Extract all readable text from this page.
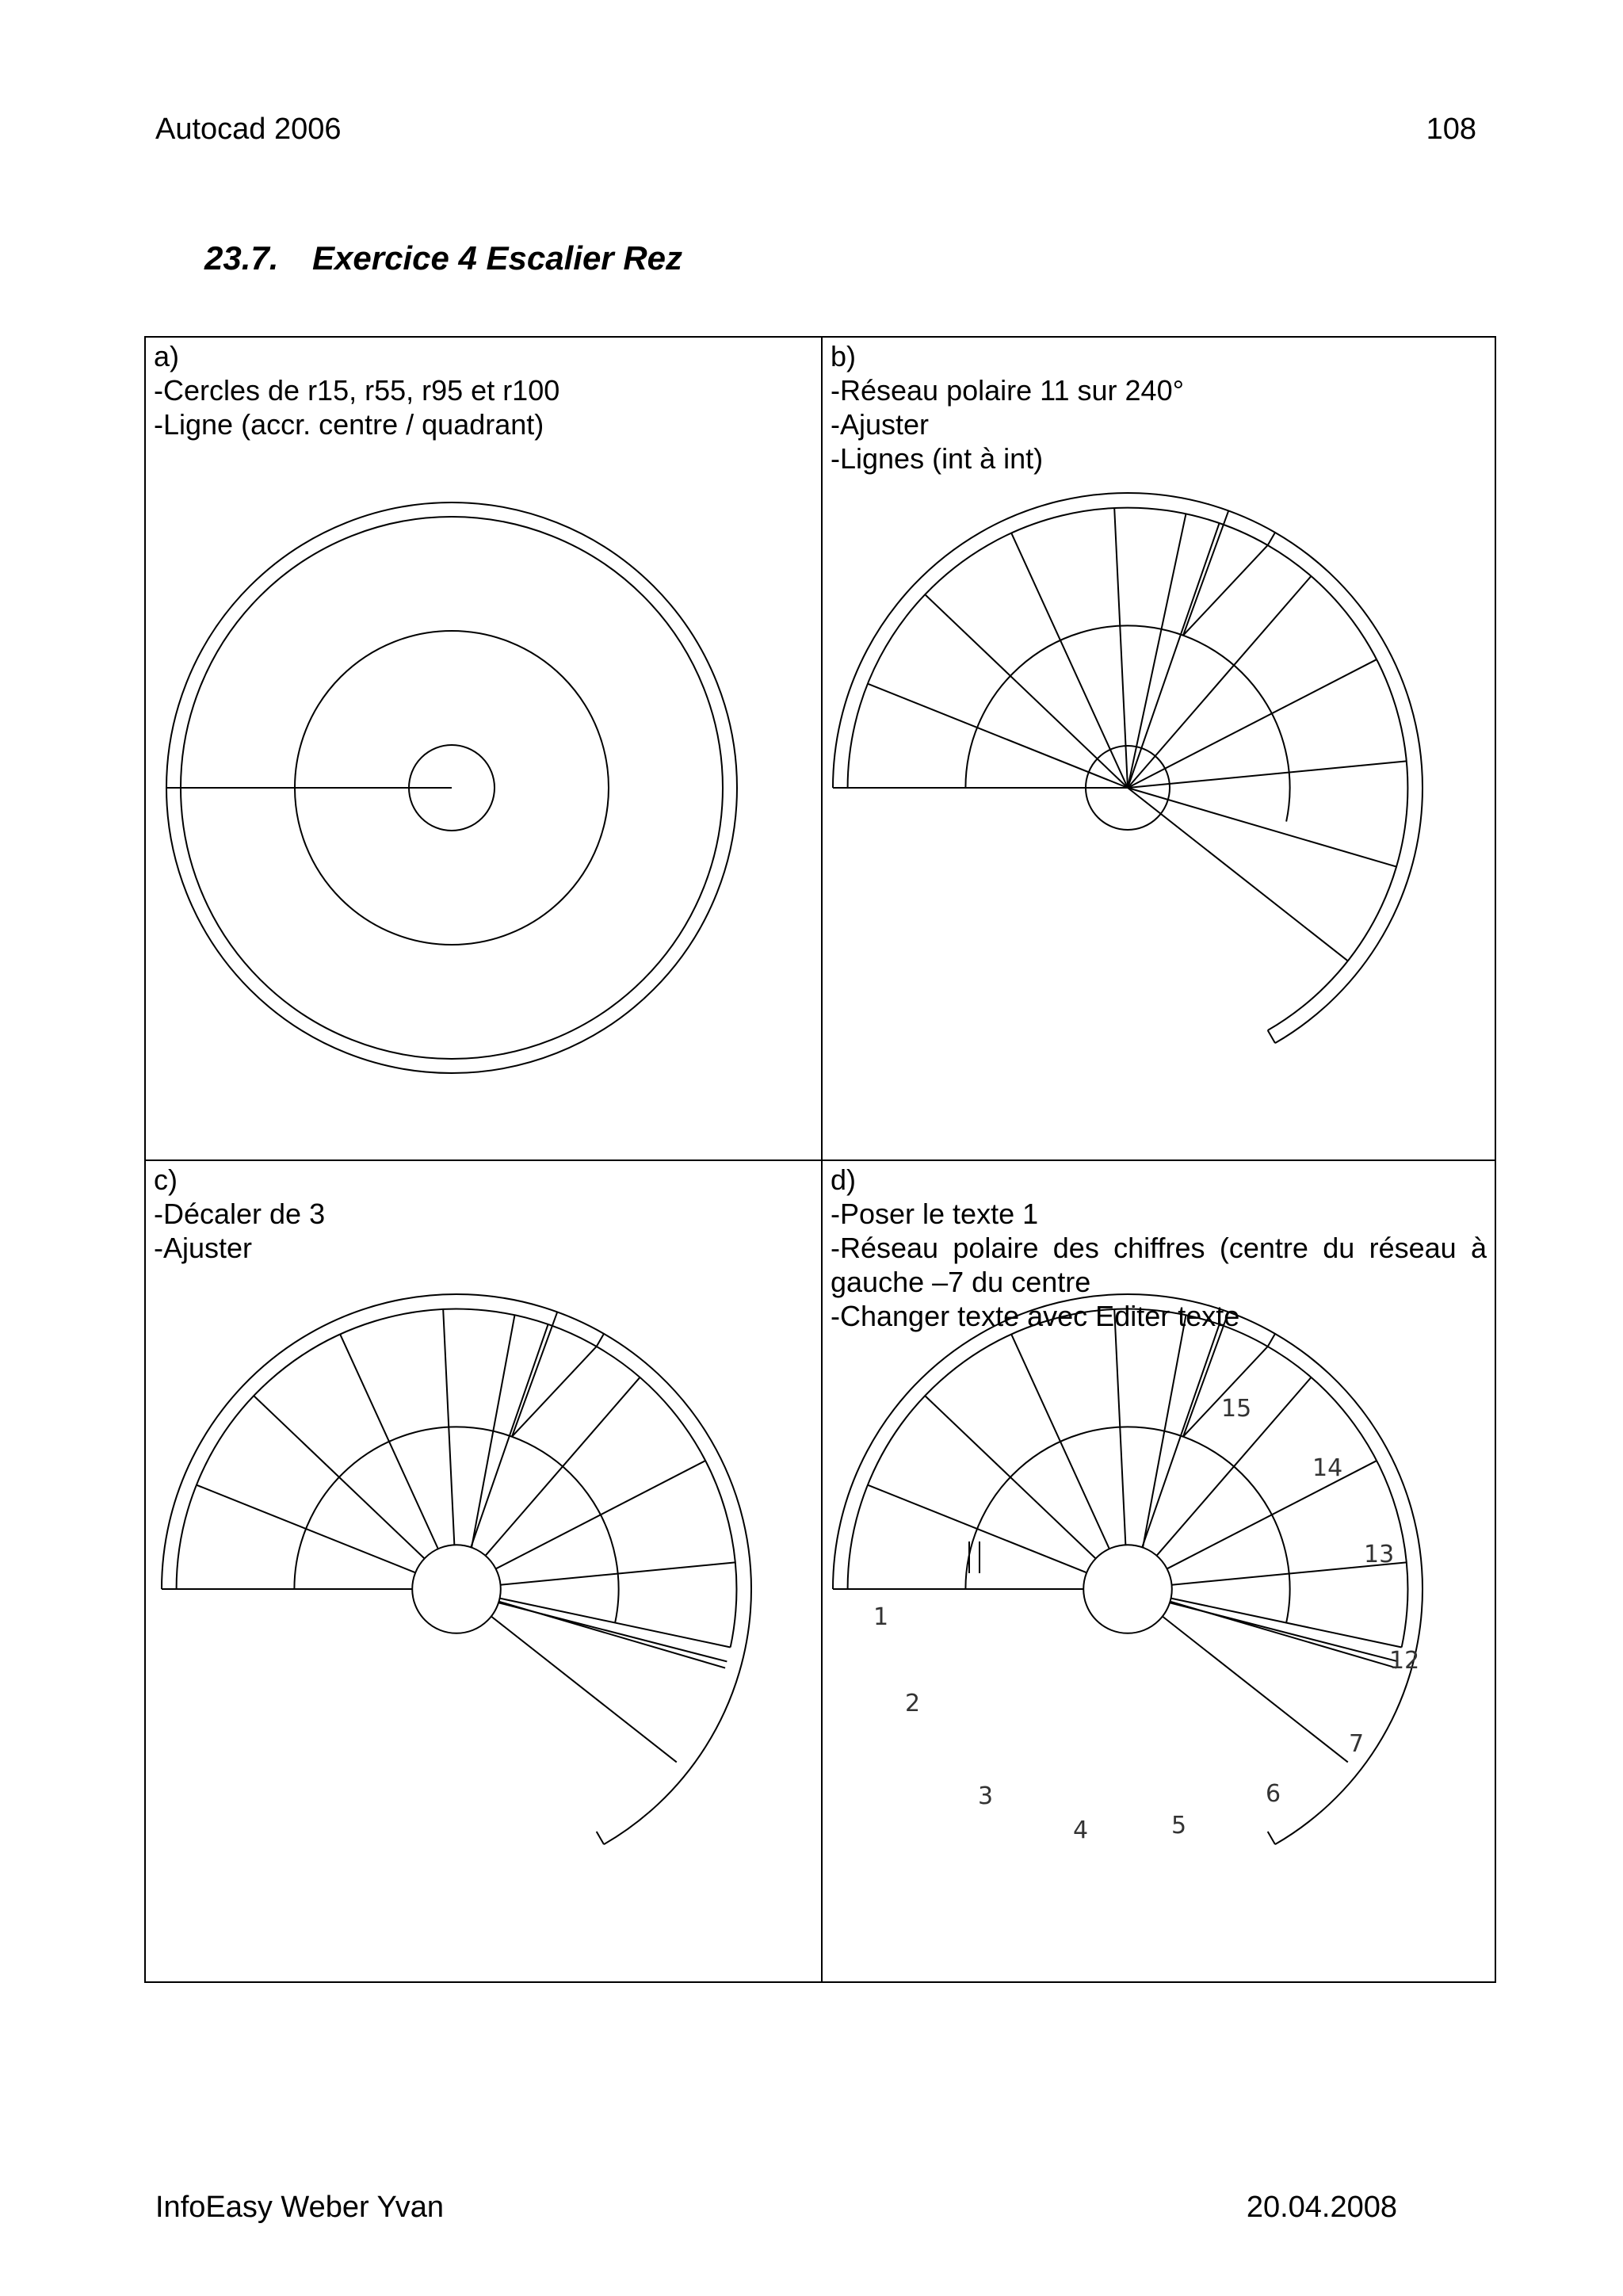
Autocad 2006	108
23.7. Exercice 4 Escalier Rez
a)
-Cercles de r15, r55, r95 et r100
-Ligne (accr. centre / quadrant)
b)
-Réseau polaire 11 sur 240°
-Ajuster
-Lignes (int à int)
c)
-Décaler de 3
-Ajuster
d)
-Poser le texte 1
-Réseau polaire des chiffres (centre du réseau à gauche –7 du centre
-Changer texte avec Editer texte
1
2
3
4	5
6
7
12
13
14
15
InfoEasy Weber Yvan	20.04.2008
